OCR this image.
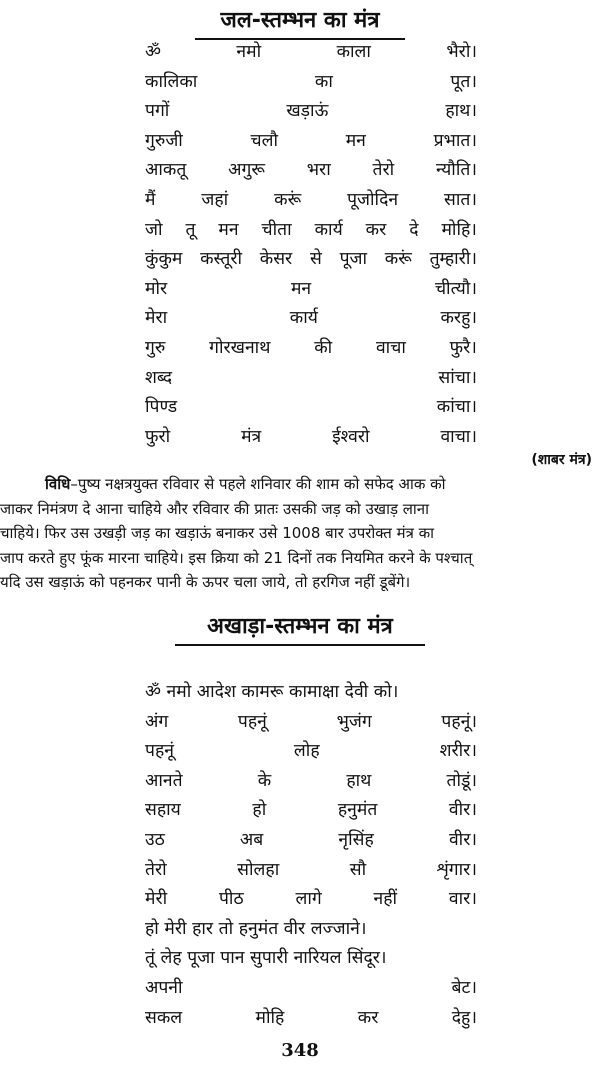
जल-स्तम्भन का मंत्र
ॐ	नमो	काला	भैरो।
कालिका	का	पूत।
पगों	खड़ाऊं	हाथ।
गुरुजी	चलौ	मन	प्रभात।
आकतू अगुरू भरा तेरो न्यौति।
मैं	जहां	करूं	पूजोदिन	सात।
जो तू मन चीता कार्य कर दे मोहि।
कुंकुम कस्तूरी केसर से पूजा करूं तुम्हारी।
मोर	मन	चीत्यौ।
मेरा	कार्य	करहु।
गुरु	गोरखनाथ	की	वाचा	फुरै।
शब्द	सांचा।
पिण्ड	कांचा।
फुरो	मंत्र	ईश्वरो	वाचा।
(शाबर मंत्र)

विधि–पुष्य नक्षत्रयुक्त रविवार से पहले शनिवार की शाम को सफेद आक को

जाकर निमंत्रण दे आना चाहिये और रविवार की प्रातः उसकी जड़ को उखाड़ लाना

चाहिये। फिर उस उखड़ी जड़ का खड़ाऊं बनाकर उसे 1008 बार उपरोक्त मंत्र का

जाप करते हुए फूंक मारना चाहिये। इस क्रिया को 21 दिनों तक नियमित करने के पश्चात्

यदि उस खड़ाऊं को पहनकर पानी के ऊपर चला जाये, तो हरगिज नहीं डूबेंगे।

अखाड़ा-स्तम्भन का मंत्र
ॐ नमो आदेश कामरू कामाक्षा देवी को।
अंग	पहनूं	भुजंग	पहनूं।
पहनूं	लोह	शरीर।
आनते	के	हाथ	तोडूं।
सहाय	हो	हनुमंत	वीर।
उठ	अब	नृसिंह	वीर।
तेरो	सोलहा	सौ	शृंगार।
मेरी	पीठ	लागे	नहीं	वार।
हो मेरी हार तो हनुमंत वीर लज्जाने।
तूं लेह पूजा पान सुपारी नारियल सिंदूर।
अपनी	बेट।
सकल	मोहि	कर	देहु।
348
